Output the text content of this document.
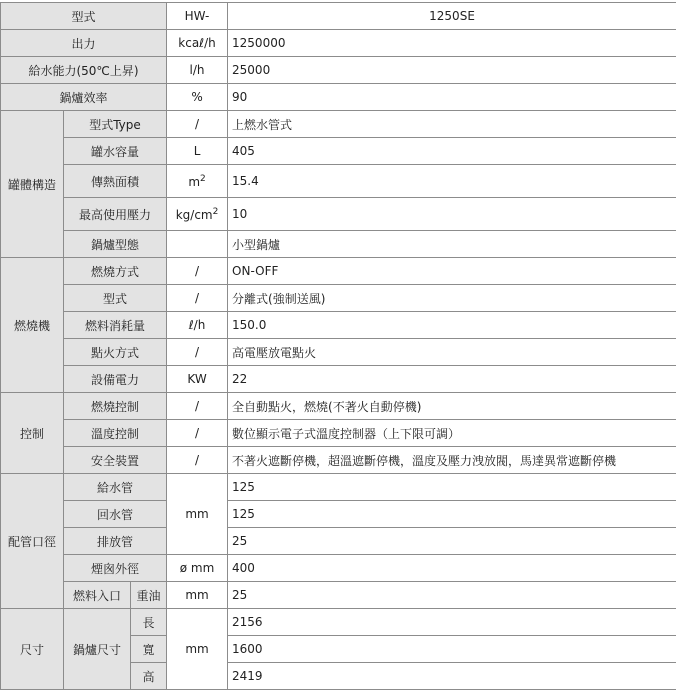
型式			HW-	1250SE
出力			kcaℓ/h	1250000
給水能力(50℃上昇)			l/h	25000
鍋爐效率			%	90
罐體構造	型式Type		/	上燃水管式
	罐水容量		L	405
	傳熱面積		$m^2$	15.4
	最高使用壓力		$kg/cm^2$	10
	鍋爐型態			小型鍋爐
燃燒機	燃燒方式		/	ON-OFF
	型式		/	分離式(強制送風)
	燃料消耗量		ℓ/h	150.0
	點火方式		/	高電壓放電點火
	設備電力		KW	22
控制	燃燒控制		/	全自動點火，燃燒(不著火自動停機)
	溫度控制		/	數位顯示電子式溫度控制器（上下限可調）
	安全裝置		/	不著火遮斷停機，超溫遮斷停機，溫度及壓力洩放閥，馬達異常遮斷停機
配管口徑	給水管		mm	125
	回水管			125
	排放管			25
	煙囪外徑		ø mm	400
	燃料入口	重油	mm	25
尺寸	鍋爐尺寸	長	mm	2156
		寬		1600
		高		2419
